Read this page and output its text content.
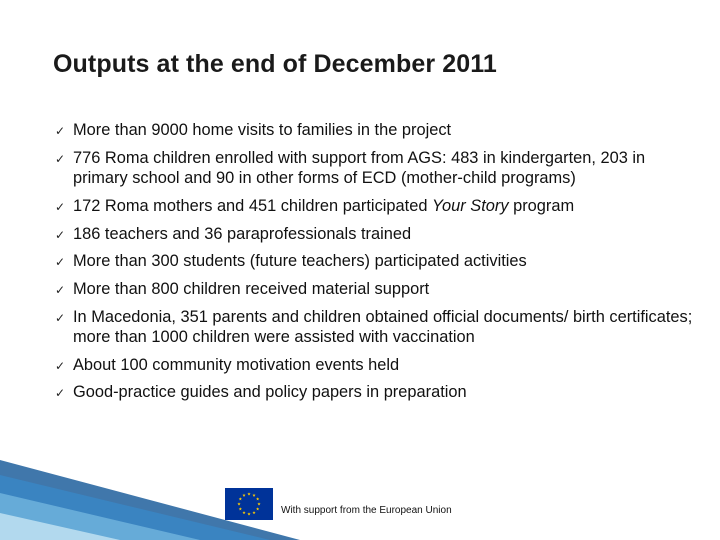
Outputs at the end of December 2011
✓ More than 9000 home visits to families in the project
✓ 776 Roma children enrolled with support from AGS: 483 in kindergarten, 203 in primary school and 90 in other forms of ECD (mother-child programs)
✓ 172 Roma mothers and 451 children participated Your Story program
✓ 186 teachers and 36 paraprofessionals trained
✓ More than 300 students (future teachers) participated activities
✓ More than 800 children received material support
✓ In Macedonia, 351 parents and children obtained official documents/ birth certificates; more than 1000 children were assisted with vaccination
✓ About 100 community motivation events held
✓ Good-practice guides and policy papers in preparation
With support from the European Union
